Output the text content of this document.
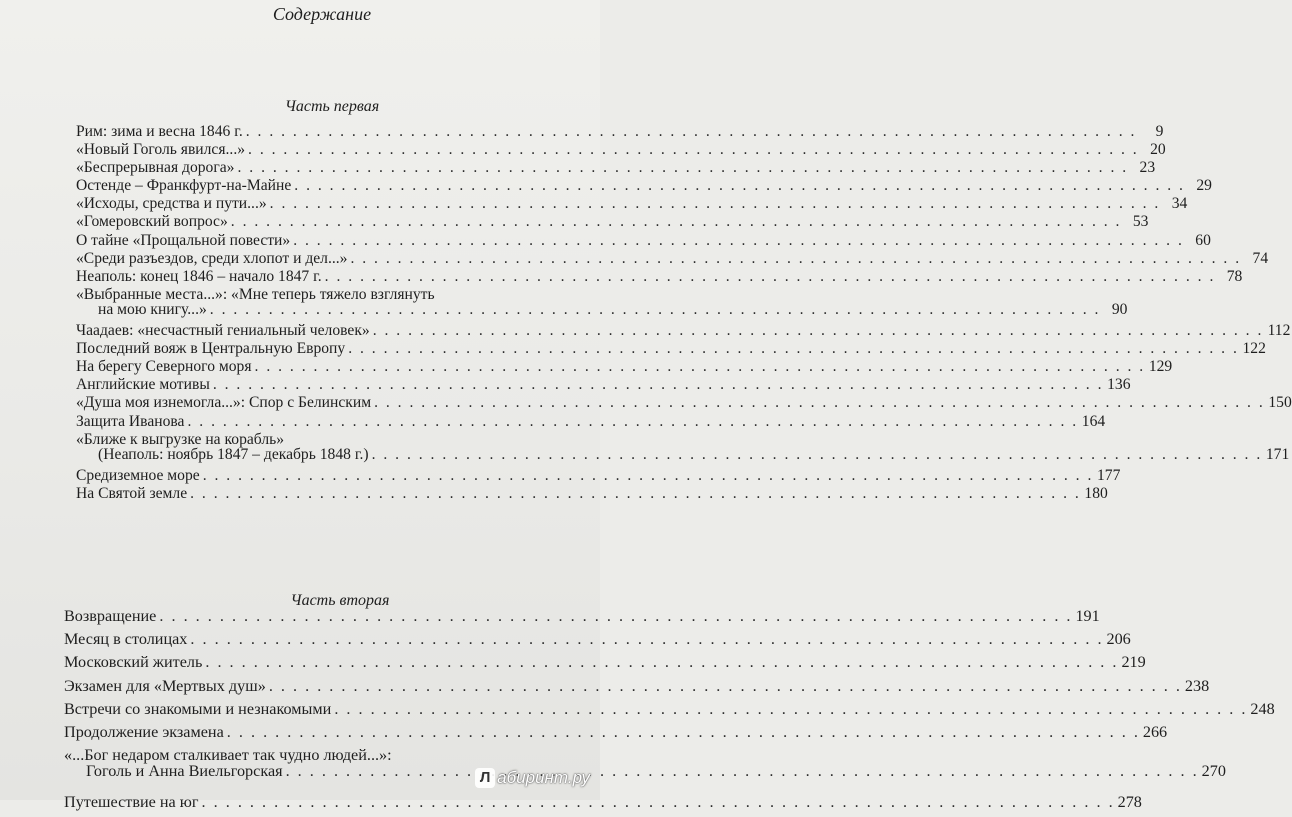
Содержание
Часть первая
Рим: зима и весна 1846 г. . . .	9
«Новый Гоголь явился...» . . .	20
«Беспрерывная дорога» . . .	23
Остенде – Франкфурт-на-Майне . . .	29
«Исходы, средства и пути...» . . .	34
«Гомеровский вопрос» . . .	53
О тайне «Прощальной повести» . . .	60
«Среди разъездов, среди хлопот и дел...» . . .	74
Неаполь: конец 1846 – начало 1847 г. . . .	78
«Выбранные места...»: «Мне теперь тяжело взглянуть
на мою книгу...» . . .	90
Чаадаев: «несчастный гениальный человек» . . .	112
Последний вояж в Центральную Европу . . .	122
На берегу Северного моря . . .	129
Английские мотивы . . .	136
«Душа моя изнемогла...»: Спор с Белинским . . .	150
Защита Иванова . . .	164
«Ближе к выгрузке на корабль»
(Неаполь: ноябрь 1847 – декабрь 1848 г.) . . .	171
Средиземное море . . .	177
На Святой земле . . .	180
Часть вторая
Возвращение . . .	191
Месяц в столицах . . .	206
Московский житель . . .	219
Экзамен для «Мертвых душ» . . .	238
Встречи со знакомыми и незнакомыми . . .	248
Продолжение экзамена . . .	266
«...Бог недаром сталкивает так чудно людей...»:
Гоголь и Анна Виельгорская . . .	270
Путешествие на юг . . .	278
Л абиринт.ру
